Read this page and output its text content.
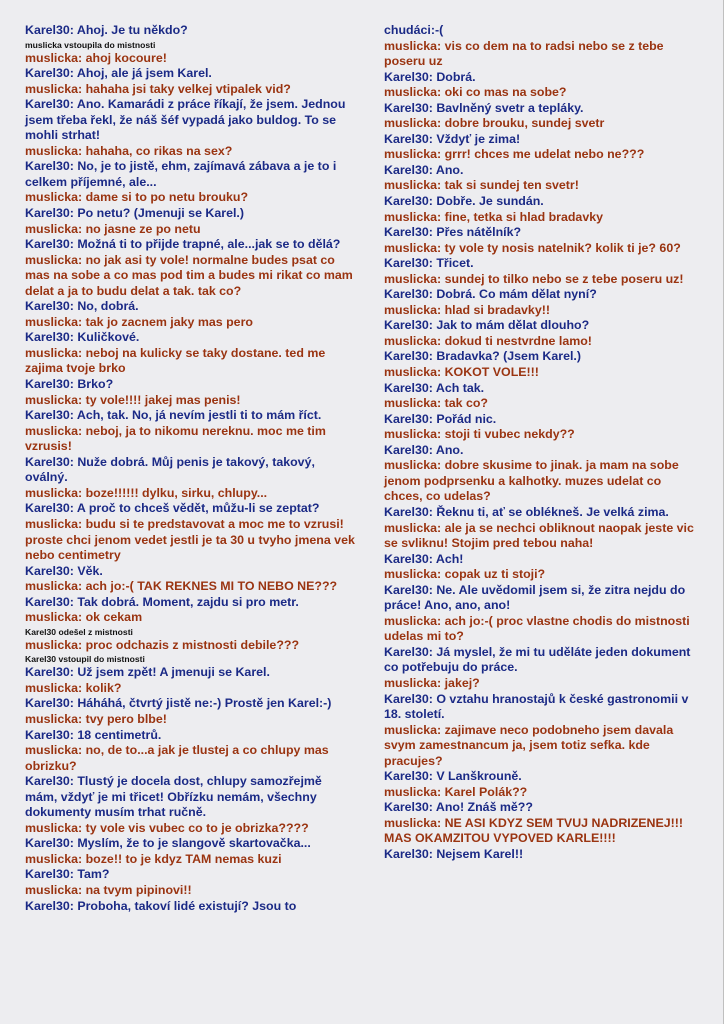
Karel30: Ahoj. Je tu někdo?
muslicka vstoupila do mistnosti
muslicka: ahoj kocoure!
Karel30: Ahoj, ale já jsem Karel.
muslicka: hahaha jsi taky velkej vtipalek vid?
Karel30: Ano. Kamarádi z práce říkají, že jsem. Jednou jsem třeba řekl, že náš šéf vypadá jako buldog. To se mohli strhat!
muslicka: hahaha, co rikas na sex?
Karel30: No, je to jistě, ehm, zajímavá zábava a je to i celkem příjemné, ale...
muslicka: dame si to po netu brouku?
Karel30: Po netu? (Jmenuji se Karel.)
muslicka: no jasne ze po netu
Karel30: Možná ti to přijde trapné, ale...jak se to dělá?
muslicka: no jak asi ty vole! normalne budes psat co mas na sobe a co mas pod tim a budes mi rikat co mam delat a ja to budu delat a tak. tak co?
Karel30: No, dobrá.
muslicka: tak jo zacnem jaky mas pero
Karel30: Kuličkové.
muslicka: neboj na kulicky se taky dostane. ted me zajima tvoje brko
Karel30: Brko?
muslicka: ty vole!!!! jakej mas penis!
Karel30: Ach, tak. No, já nevím jestli ti to mám říct.
muslicka: neboj, ja to nikomu nereknu. moc me tim vzrusis!
Karel30: Nuže dobrá. Můj penis je takový, takový, oválný.
muslicka: boze!!!!!! dylku, sirku, chlupy...
Karel30: A proč to chceš vědět, můžu-li se zeptat?
muslicka: budu si te predstavovat a moc me to vzrusi! proste chci jenom vedet jestli je ta 30 u tvyho jmena vek nebo centimetry
Karel30: Věk.
muslicka: ach jo:-( TAK REKNES MI TO NEBO NE???
Karel30: Tak dobrá. Moment, zajdu si pro metr.
muslicka: ok cekam
Karel30 odešel z mistnosti
muslicka: proc odchazis z mistnosti debile???
Karel30 vstoupil do mistnosti
Karel30: Už jsem zpět! A jmenuji se Karel.
muslicka: kolik?
Karel30: Háháhá, čtvrtý jistě ne:-) Prostě jen Karel:-)
muslicka: tvy pero blbe!
Karel30: 18 centimetrů.
muslicka: no, de to...a jak je tlustej a co chlupy mas obrizku?
Karel30: Tlustý je docela dost, chlupy samozřejmě mám, vždyť je mi třicet! Obřízku nemám, všechny dokumenty musím trhat ručně.
muslicka: ty vole vis vubec co to je obrizka????
Karel30: Myslím, že to je slangově skartovačka...
muslicka: boze!! to je kdyz TAM nemas kuzi
Karel30: Tam?
muslicka: na tvym pipinovi!!
Karel30: Proboha, takoví lidé existují? Jsou to
chudáci:-(
muslicka: vis co dem na to radsi nebo se z tebe poseru uz
Karel30: Dobrá.
muslicka: oki co mas na sobe?
Karel30: Bavlněný svetr a tepláky.
muslicka: dobre brouku, sundej svetr
Karel30: Vždyť je zima!
muslicka: grrr! chces me udelat nebo ne???
Karel30: Ano.
muslicka: tak si sundej ten svetr!
Karel30: Dobře. Je sundán.
muslicka: fine, tetka si hlad bradavky
Karel30: Přes nátělník?
muslicka: ty vole ty nosis natelnik? kolik ti je? 60?
Karel30: Třicet.
muslicka: sundej to tilko nebo se z tebe poseru uz!
Karel30: Dobrá. Co mám dělat nyní?
muslicka: hlad si bradavky!!
Karel30: Jak to mám dělat dlouho?
muslicka: dokud ti nestvrdne lamo!
Karel30: Bradavka? (Jsem Karel.)
muslicka: KOKOT VOLE!!!
Karel30: Ach tak.
muslicka: tak co?
Karel30: Pořád nic.
muslicka: stoji ti vubec nekdy??
Karel30: Ano.
muslicka: dobre skusime to jinak. ja mam na sobe jenom podprsenku a kalhotky. muzes udelat co chces, co udelas?
Karel30: Řeknu ti, ať se oblékneš. Je velká zima.
muslicka: ale ja se nechci obliknout naopak jeste vic se svliknu! Stojim pred tebou naha!
Karel30: Ach!
muslicka: copak uz ti stoji?
Karel30: Ne. Ale uvědomil jsem si, že zitra nejdu do práce! Ano, ano, ano!
muslicka: ach jo:-( proc vlastne chodis do mistnosti udelas mi to?
Karel30: Já myslel, že mi tu uděláte jeden dokument co potřebuju do práce.
muslicka: jakej?
Karel30: O vztahu hranostajů k české gastronomii v 18. století.
muslicka: zajimave neco podobneho jsem davala svym zamestnancum ja, jsem totiz sefka. kde pracujes?
Karel30: V Lanškrouně.
muslicka: Karel Polák??
Karel30: Ano! Znáš mě??
muslicka: NE ASI KDYZ SEM TVUJ NADRIZENEJ!!! MAS OKAMZITOU VYPOVED KARLE!!!!
Karel30: Nejsem Karel!!
